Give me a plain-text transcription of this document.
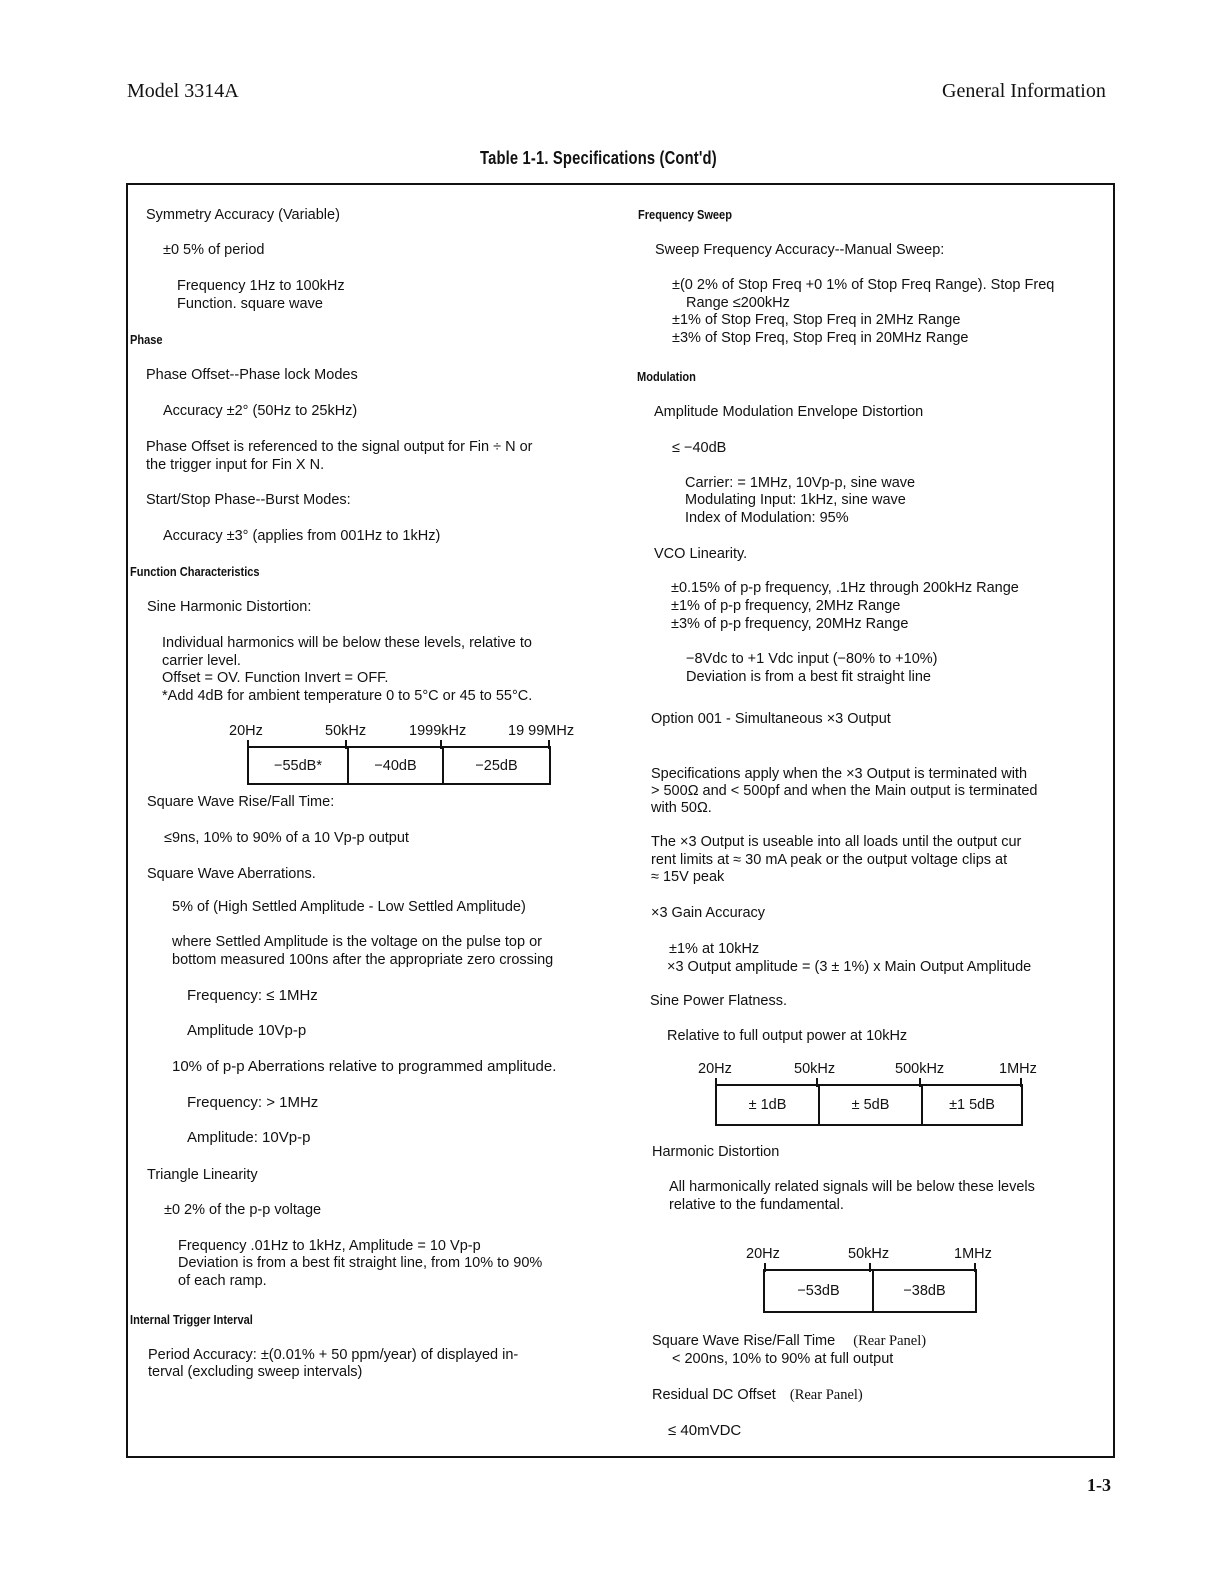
Model 3314A	General Information
Table 1-1. Specifications (Cont'd)
Symmetry Accuracy (Variable)
±0 5% of period
Frequency 1Hz to 100kHz
Function. square wave
Phase
Phase Offset--Phase lock Modes
Accuracy ±2° (50Hz to 25kHz)
Phase Offset is referenced to the signal output for Fin ÷ N or
the trigger input for Fin X N.
Start/Stop Phase--Burst Modes:
Accuracy ±3° (applies from 001Hz to 1kHz)
Function Characteristics
Sine Harmonic Distortion:
Individual harmonics will be below these levels, relative to
carrier level.
Offset = OV. Function Invert = OFF.
*Add 4dB for ambient temperature 0 to 5°C or 45 to 55°C.
20Hz	50kHz	1999kHz	19 99MHz
−55dB*	−40dB	−25dB
Square Wave Rise/Fall Time:
≤9ns, 10% to 90% of a 10 Vp-p output
Square Wave Aberrations.
5% of (High Settled Amplitude - Low Settled Amplitude)
where Settled Amplitude is the voltage on the pulse top or
bottom measured 100ns after the appropriate zero crossing
Frequency: ≤ 1MHz
Amplitude 10Vp-p
10% of p-p Aberrations relative to programmed amplitude.
Frequency: > 1MHz
Amplitude: 10Vp-p
Triangle Linearity
±0 2% of the p-p voltage
Frequency .01Hz to 1kHz, Amplitude = 10 Vp-p
Deviation is from a best fit straight line, from 10% to 90%
of each ramp.
Internal Trigger Interval
Period Accuracy: ±(0.01% + 50 ppm/year) of displayed in-
terval (excluding sweep intervals)
Frequency Sweep
Sweep Frequency Accuracy--Manual Sweep:
±(0 2% of Stop Freq +0 1% of Stop Freq Range). Stop Freq
Range ≤200kHz
±1% of Stop Freq, Stop Freq in 2MHz Range
±3% of Stop Freq, Stop Freq in 20MHz Range
Modulation
Amplitude Modulation Envelope Distortion
≤ −40dB
Carrier: = 1MHz, 10Vp-p, sine wave
Modulating Input: 1kHz, sine wave
Index of Modulation: 95%
VCO Linearity.
±0.15% of p-p frequency, .1Hz through 200kHz Range
±1% of p-p frequency, 2MHz Range
±3% of p-p frequency, 20MHz Range
−8Vdc to +1 Vdc input (−80% to +10%)
Deviation is from a best fit straight line
Option 001 - Simultaneous ×3 Output
Specifications apply when the ×3 Output is terminated with
> 500Ω and < 500pf and when the Main output is terminated
with 50Ω.
The ×3 Output is useable into all loads until the output cur
rent limits at ≈ 30 mA peak or the output voltage clips at
≈ 15V peak
×3 Gain Accuracy
±1% at 10kHz
×3 Output amplitude = (3 ± 1%) x Main Output Amplitude
Sine Power Flatness.
Relative to full output power at 10kHz
20Hz	50kHz	500kHz	1MHz
± 1dB	± 5dB	±1 5dB
Harmonic Distortion
All harmonically related signals will be below these levels
relative to the fundamental.
20Hz	50kHz	1MHz
−53dB	−38dB
Square Wave Rise/Fall Time (Rear Panel)
< 200ns, 10% to 90% at full output
Residual DC Offset (Rear Panel)
≤ 40mVDC
1-3
